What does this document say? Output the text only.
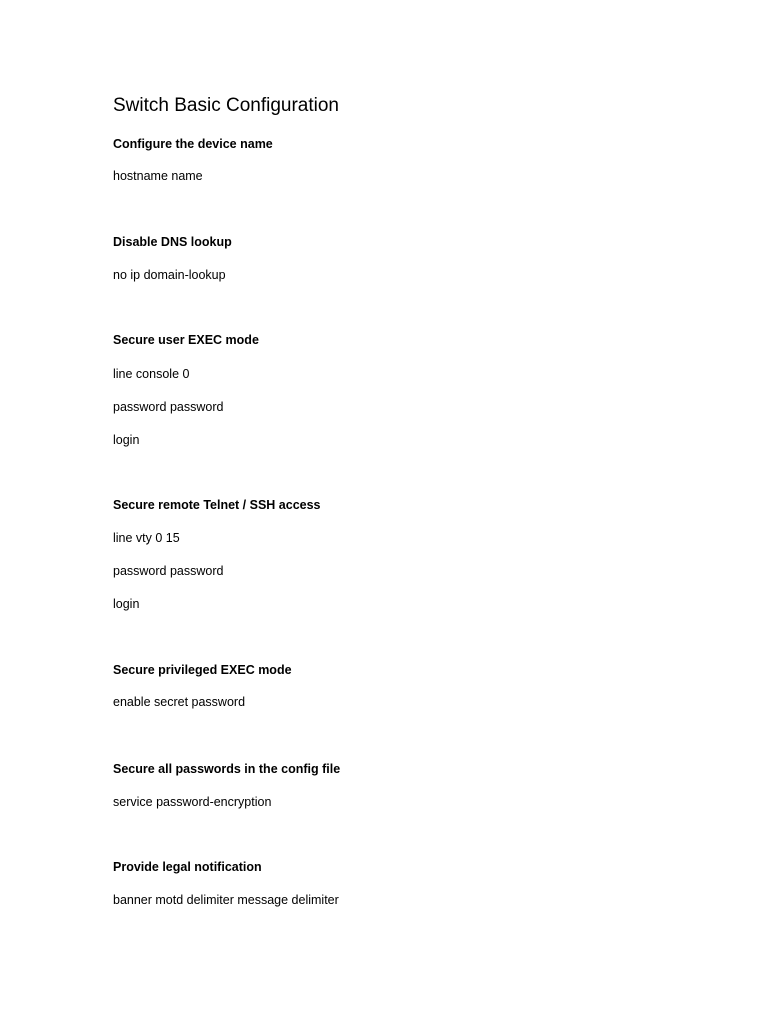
Switch Basic Configuration

Configure the device name

hostname name

Disable DNS lookup

no ip domain-lookup

Secure user EXEC mode

line console 0

password password

login

Secure remote Telnet / SSH access

line vty 0 15

password password

login

Secure privileged EXEC mode

enable secret password

Secure all passwords in the config file

service password-encryption

Provide legal notification

banner motd delimiter message delimiter
